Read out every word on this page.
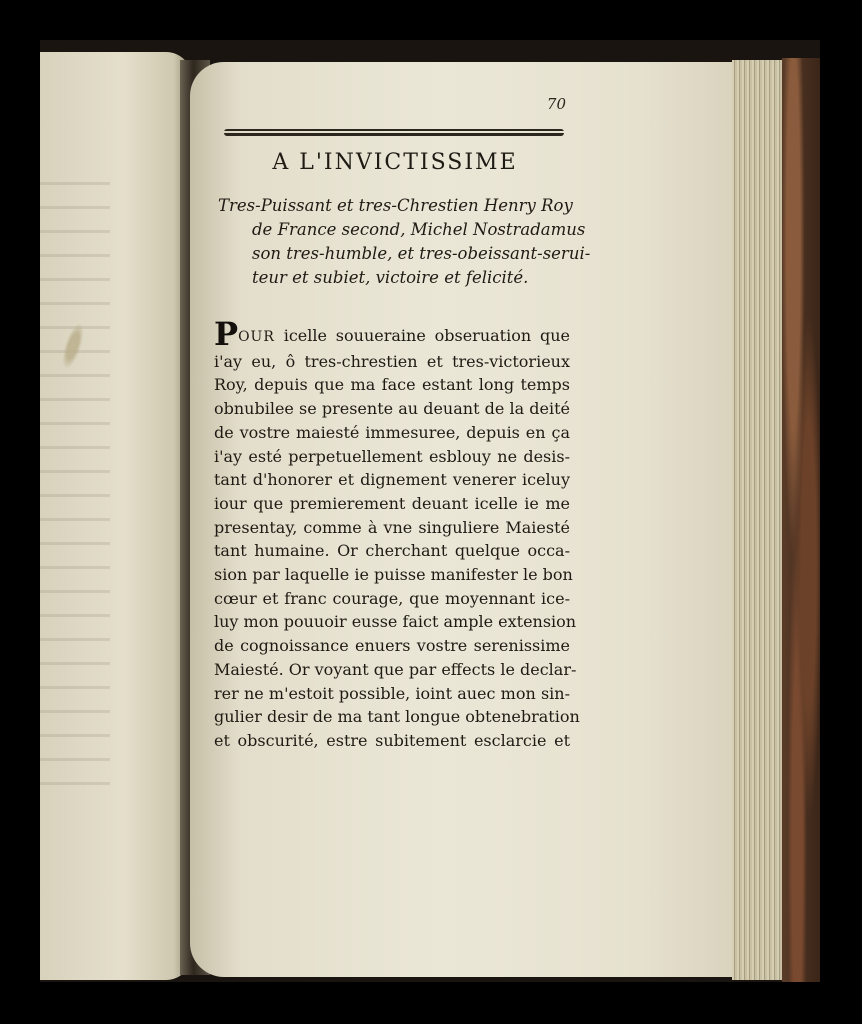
70
A L'INVICTISSIME
Tres-Puissant et tres-Chrestien Henry Roy
de France second, Michel Nostradamus
son tres-humble, et tres-obeissant-serui-
teur et subiet, victoire et felicité.
POUR icelle souueraine obseruation que
i'ay eu, ô tres-chrestien et tres-victorieux
Roy, depuis que ma face estant long temps
obnubilee se presente au deuant de la deité
de vostre maiesté immesuree, depuis en ça
i'ay esté perpetuellement esblouy ne desis-
tant d'honorer et dignement venerer iceluy
iour que premierement deuant icelle ie me
presentay, comme à vne singuliere Maiesté
tant humaine. Or cherchant quelque occa-
sion par laquelle ie puisse manifester le bon
cœur et franc courage, que moyennant ice-
luy mon pouuoir eusse faict ample extension
de cognoissance enuers vostre serenissime
Maiesté. Or voyant que par effects le declar-
rer ne m'estoit possible, ioint auec mon sin-
gulier desir de ma tant longue obtenebration
et obscurité, estre subitement esclarcie et
